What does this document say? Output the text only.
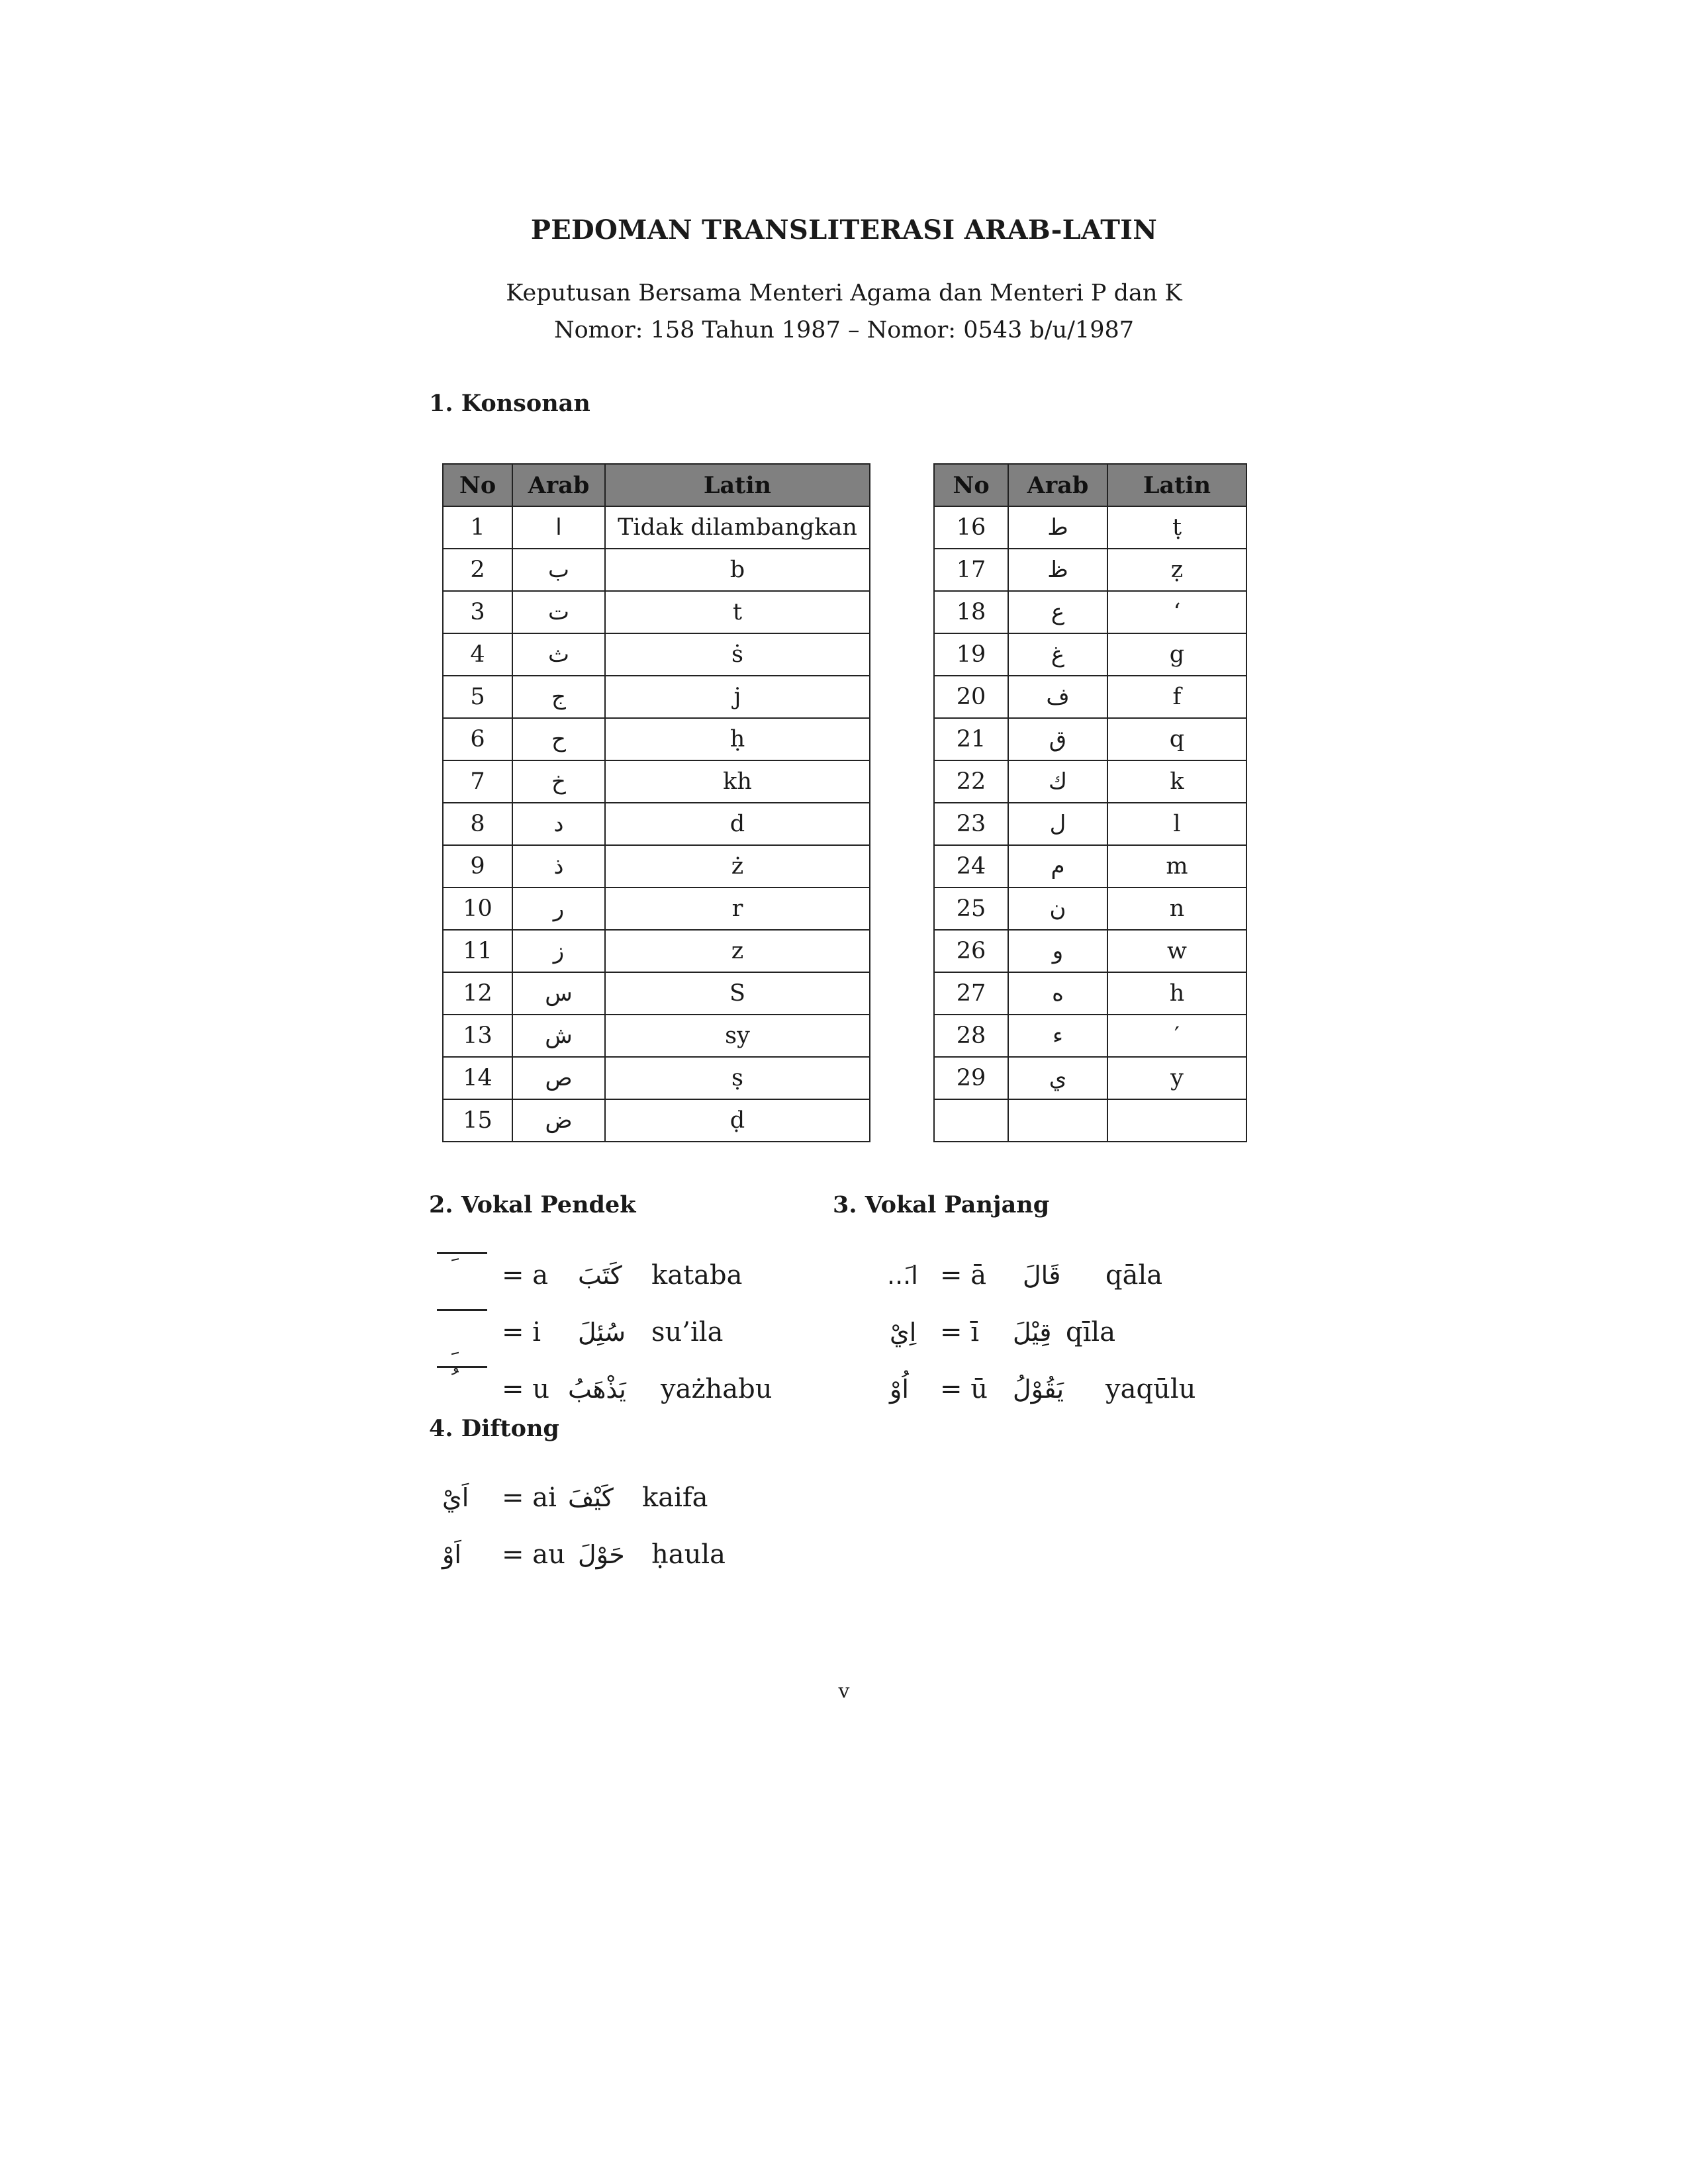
PEDOMAN TRANSLITERASI ARAB-LATIN

Keputusan Bersama Menteri Agama dan Menteri P dan K

Nomor: 158 Tahun 1987 – Nomor: 0543 b/u/1987

1. Konsonan
No	Arab	Latin
1	ا	Tidak dilambangkan
2	ب	b
3	ت	t
4	ث	ṡ
5	ج	j
6	ح	ḥ
7	خ	kh
8	د	d
9	ذ	ż
10	ر	r
11	ز	z
12	س	S
13	ش	sy
14	ص	ṣ
15	ض	ḍ
No	Arab	Latin
16	ط	ṭ
17	ظ	ẓ
18	ع	‘
19	غ	g
20	ف	f
21	ق	q
22	ك	k
23	ل	l
24	م	m
25	ن	n
26	و	w
27	ه	h
28	ء	′
29	ي	y

2. Vokal Pendek	3. Vokal Panjang
= a كَتَبَ kataba
= i سُئِلَ su’ila
= u يَذْهَبُ yażhabu
...َا = ā قَالَ qāla
اِيْ = ī قِيْلَ qīla
اُوْ = ū يَقُوْلُ yaqūlu
4. Diftong
اَيْ = ai كَيْفَ kaifa
اَوْ = au حَوْلَ ḥaula

v
